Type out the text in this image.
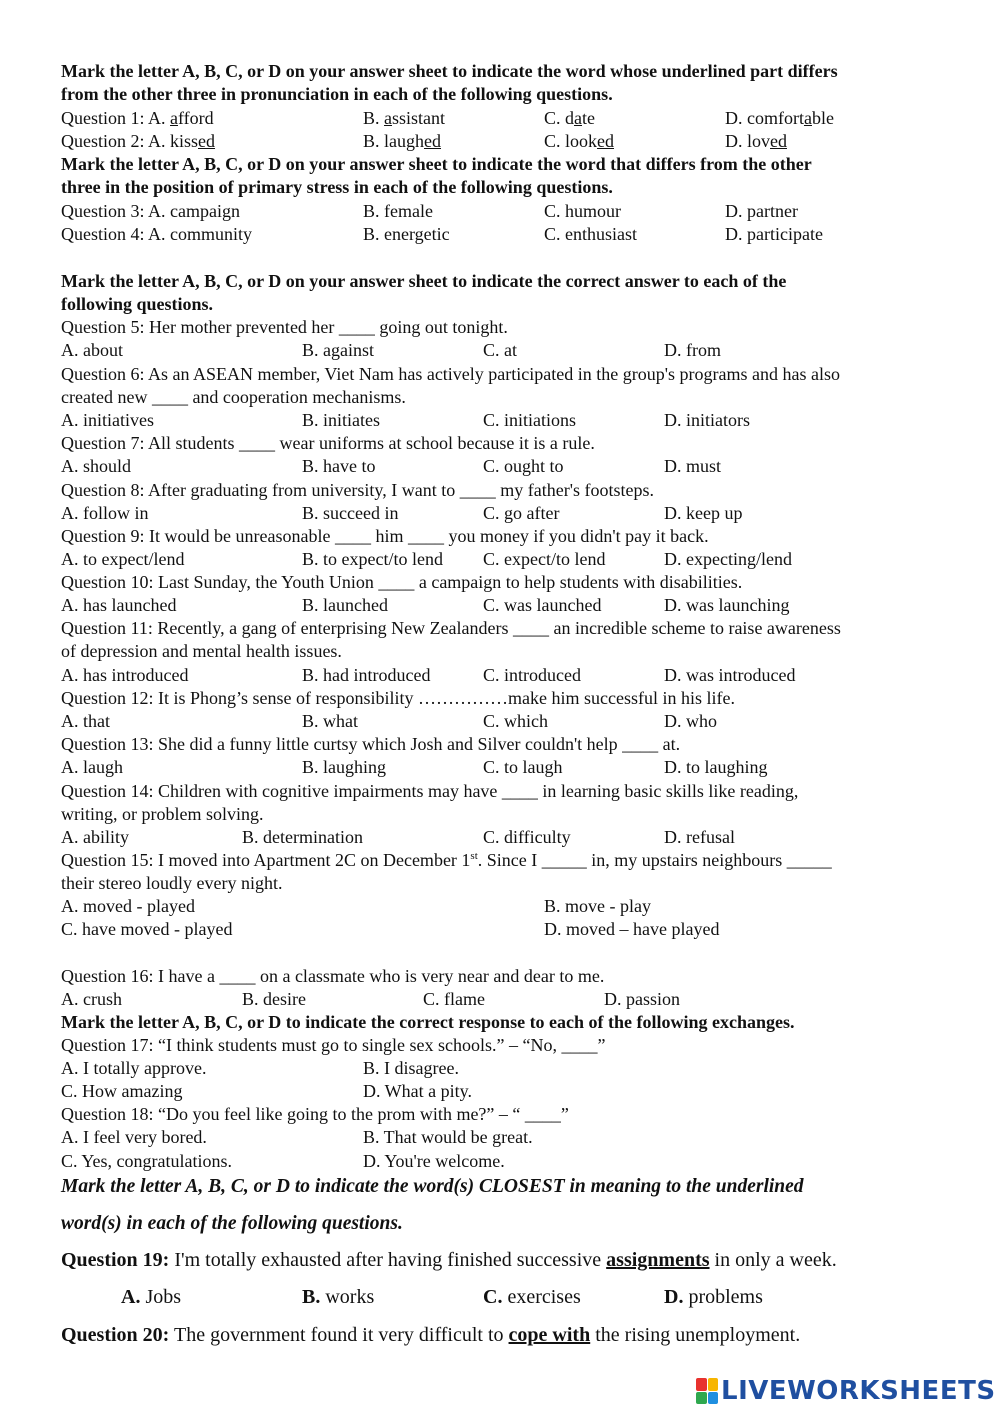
Mark the letter A, B, C, or D on your answer sheet to indicate the word whose underlined part differs
from the other three in pronunciation in each of the following questions.
Question 1: A. afford	B. assistant	C. date	D. comfortable
Question 2: A. kissed	B. laughed	C. looked	D. loved
Mark the letter A, B, C, or D on your answer sheet to indicate the word that differs from the other
three in the position of primary stress in each of the following questions.
Question 3: A. campaign	B. female	C. humour	D. partner
Question 4: A. community	B. energetic	C. enthusiast	D. participate
Mark the letter A, B, C, or D on your answer sheet to indicate the correct answer to each of the
following questions.
Question 5: Her mother prevented her ____ going out tonight.
A. about	B. against	C. at	D. from
Question 6: As an ASEAN member, Viet Nam has actively participated in the group's programs and has also
created new ____ and cooperation mechanisms.
A. initiatives	B. initiates	C. initiations	D. initiators
Question 7: All students ____ wear uniforms at school because it is a rule.
A. should	B. have to	C. ought to	D. must
Question 8: After graduating from university, I want to ____ my father's footsteps.
A. follow in	B. succeed in	C. go after	D. keep up
Question 9: It would be unreasonable ____ him ____ you money if you didn't pay it back.
A. to expect/lend	B. to expect/to lend C. expect/to lend	D. expecting/lend
Question 10: Last Sunday, the Youth Union ____ a campaign to help students with disabilities.
A. has launched	B. launched	C. was launched	D. was launching
Question 11: Recently, a gang of enterprising New Zealanders ____ an incredible scheme to raise awareness
of depression and mental health issues.
A. has introduced	B. had introduced	C. introduced	D. was introduced
Question 12: It is Phong’s sense of responsibility ……………make him successful in his life.
A. that	B. what	C. which	D. who
Question 13: She did a funny little curtsy which Josh and Silver couldn't help ____ at.
A. laugh	B. laughing	C. to laugh	D. to laughing
Question 14: Children with cognitive impairments may have ____ in learning basic skills like reading,
writing, or problem solving.
A. ability	B. determination	C. difficulty	D. refusal
Question 15: I moved into Apartment 2C on December 1st. Since I _____ in, my upstairs neighbours _____
their stereo loudly every night.
A. moved - played	B. move - play
C. have moved - played	D. moved – have played
Question 16: I have a ____ on a classmate who is very near and dear to me.
A. crush	B. desire	C. flame	D. passion
Mark the letter A, B, C, or D to indicate the correct response to each of the following exchanges.
Question 17: “I think students must go to single sex schools.” – “No, ____”
A. I totally approve.	B. I disagree.
C. How amazing	D. What a pity.
Question 18: “Do you feel like going to the prom with me?” – “ ____”
A. I feel very bored.	B. That would be great.
C. Yes, congratulations.	D. You're welcome.
Mark the letter A, B, C, or D to indicate the word(s) CLOSEST in meaning to the underlined
word(s) in each of the following questions.
Question 19: I'm totally exhausted after having finished successive assignments in only a week.
A. Jobs	B. works	C. exercises	D. problems
Question 20: The government found it very difficult to cope with the rising unemployment.
LIVEWORKSHEETS
